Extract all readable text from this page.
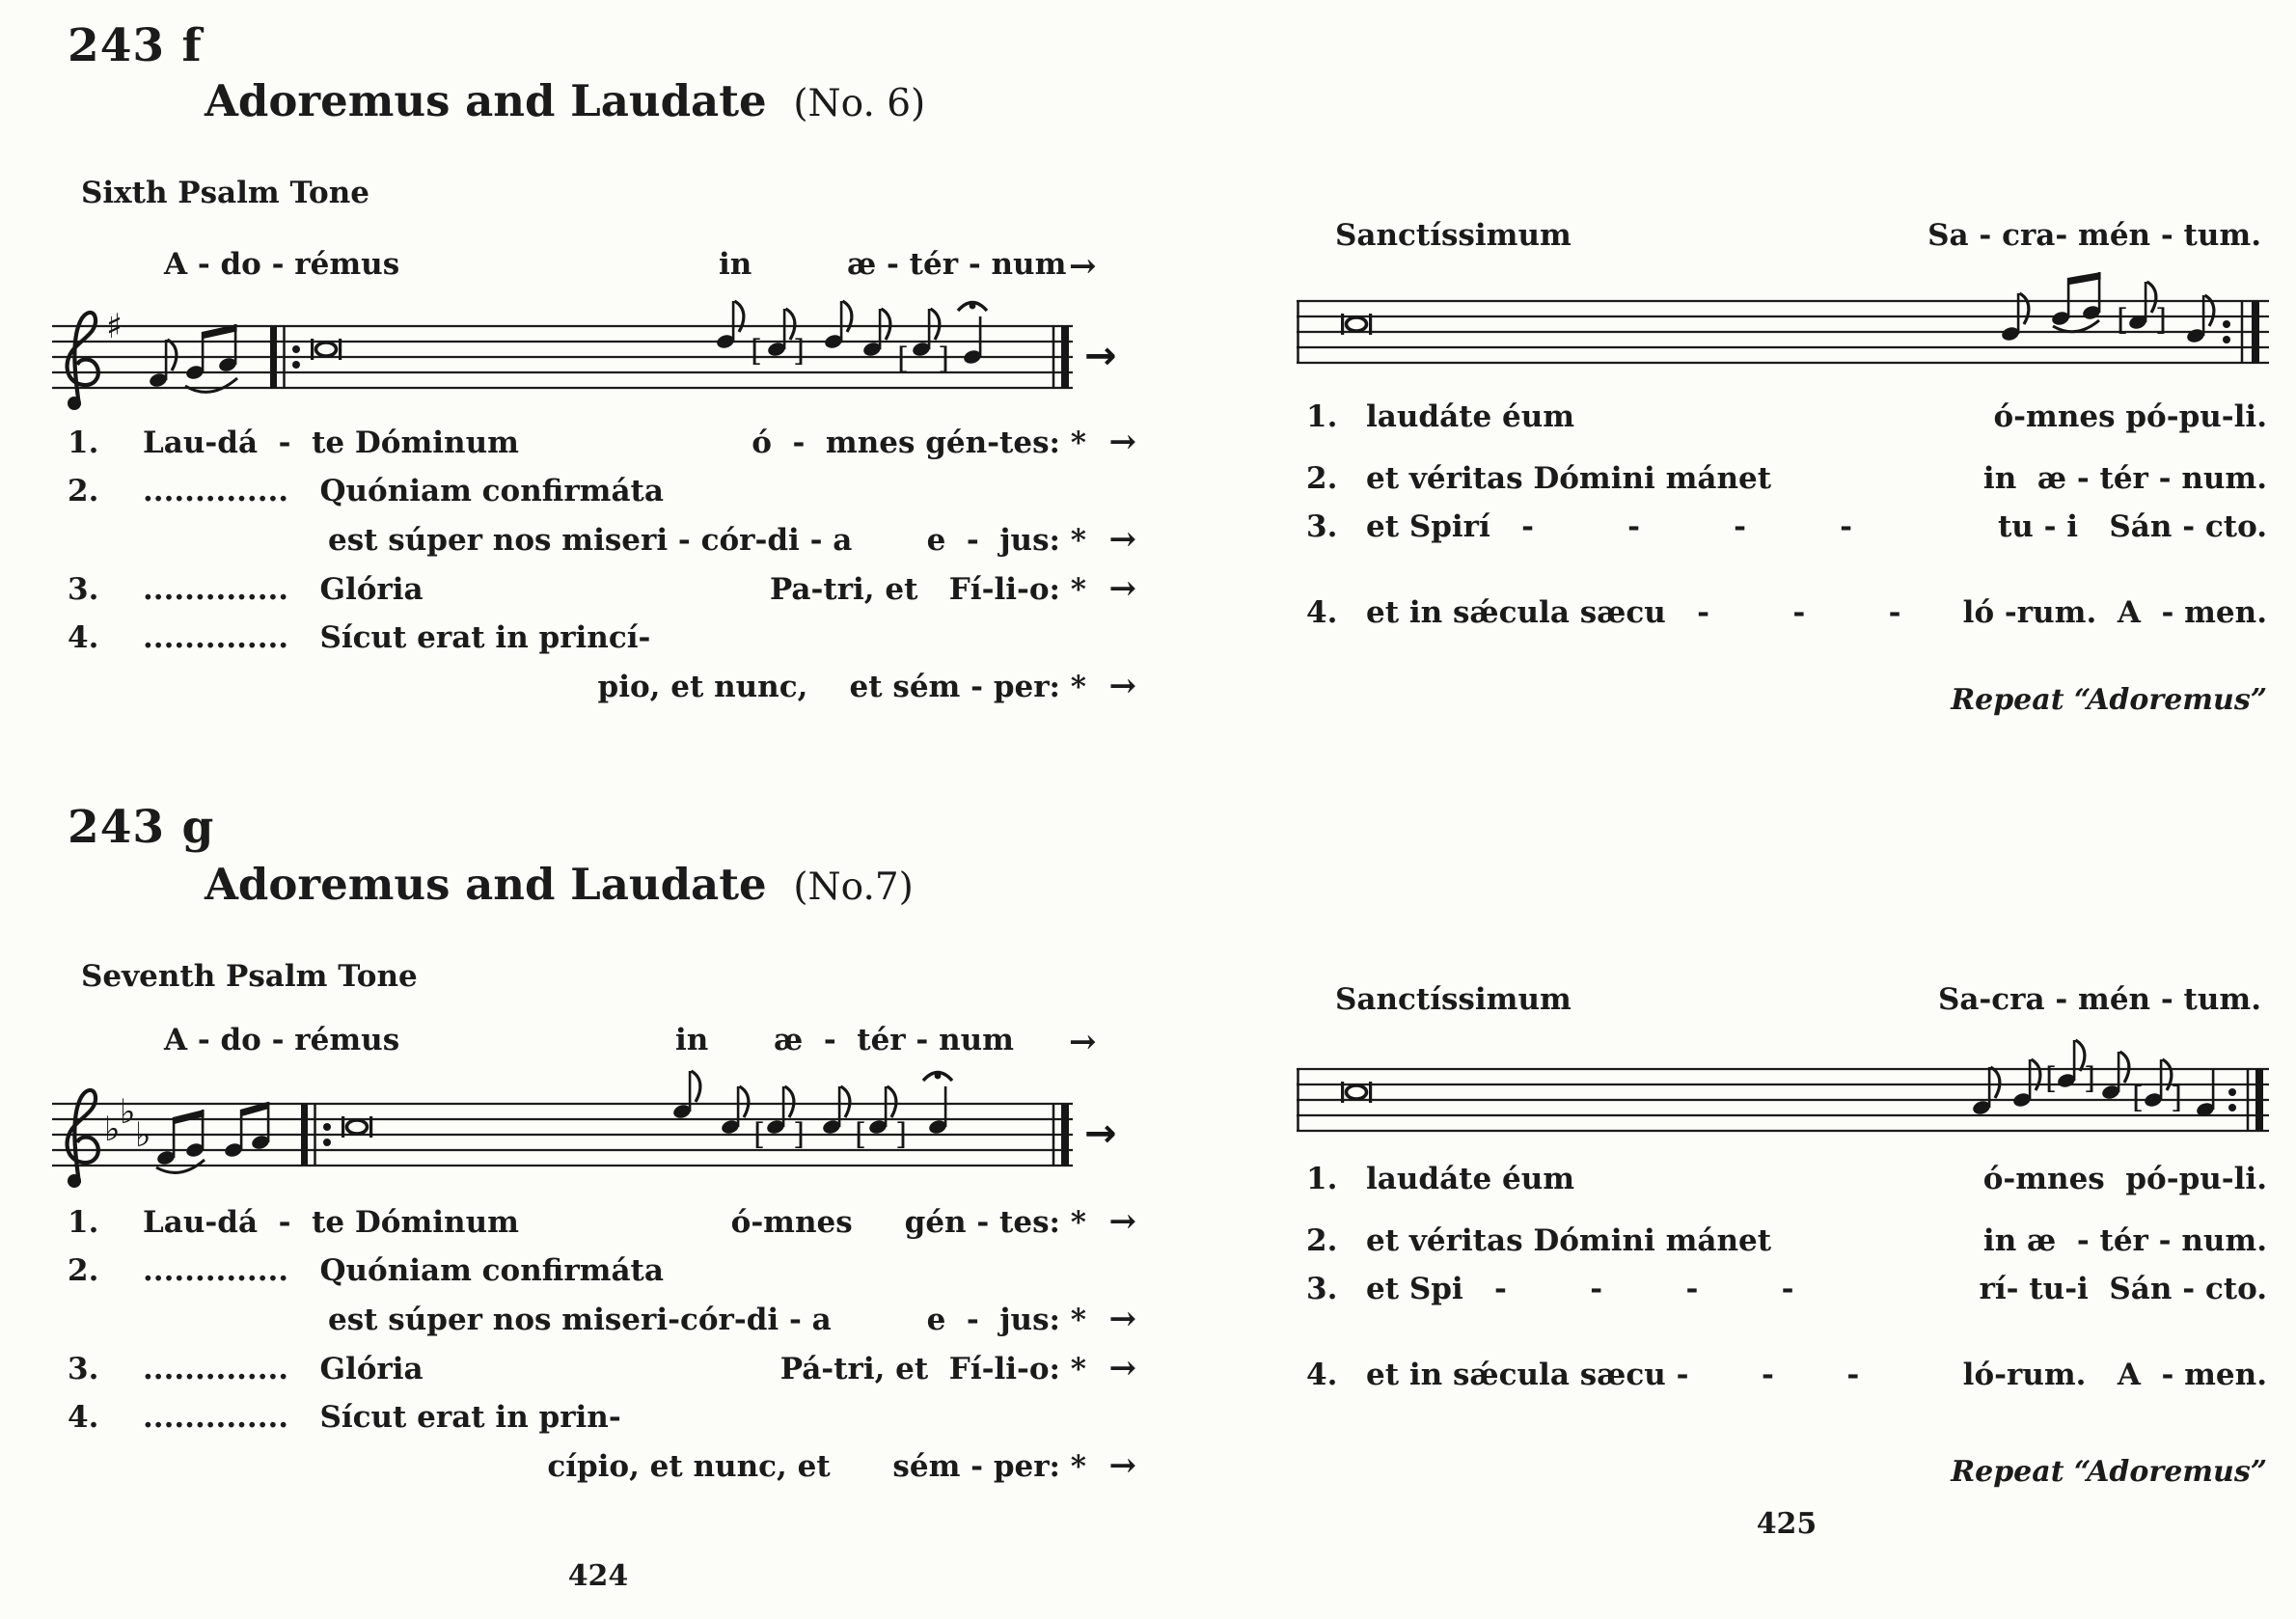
243 f
Adoremus and Laudate (No. 6)
Sixth Psalm Tone
A - do - rémus	in	æ - tér - num →
♯
[ ]	[ ]	→
1.	Lau-dá  -  te Dóminum	ó  -  mnes gén-tes: * →
2.	..............   Quóniam confirmáta
est súper nos miseri - cór-di - a e  -  jus: * →
3.	..............   Glória	Pa-tri, et   Fí-li-o: * →
4.	..............   Sícut erat in princí-
pio, et nunc,    et sém - per: * →
243 g
Adoremus and Laudate (No.7)
Seventh Psalm Tone
A - do - rémus	in æ  -  tér - num →
♭ ♭
♭	[ ] [ ]	→
1.	Lau-dá  -  te Dóminum	ó-mnes     gén - tes: * →
2.	..............   Quóniam confirmáta
est súper nos miseri-cór-di - a	e  -  jus: * →
3.	..............   Glória	Pá-tri, et  Fí-li-o: * →
4.	..............   Sícut erat in prin-
cípio, et nunc, et      sém - per: * →
424
Sanctíssimum	Sa - cra- mén - tum.
[ ]
1. laudáte éum	ó-mnes pó-pu-li.
2. et véritas Dómini mánet	in  æ - tér - num.
3. et Spirí   -         -         -         -	tu - i   Sán - cto.
4. et in sǽcula sæcu   -        -        - ló -rum.  A  - men.
Repeat “Adoremus”
Sanctíssimum	Sa-cra - mén - tum.
[ ]
[ ]
1. laudáte éum	ó-mnes  pó-pu-li.
2. et véritas Dómini mánet	in æ  - tér - num.
3. et Spi   -        -        -        -	rí- tu-i  Sán - cto.
4. et in sǽcula sæcu -       -       -	ló-rum.   A  - men.
Repeat “Adoremus”
425
